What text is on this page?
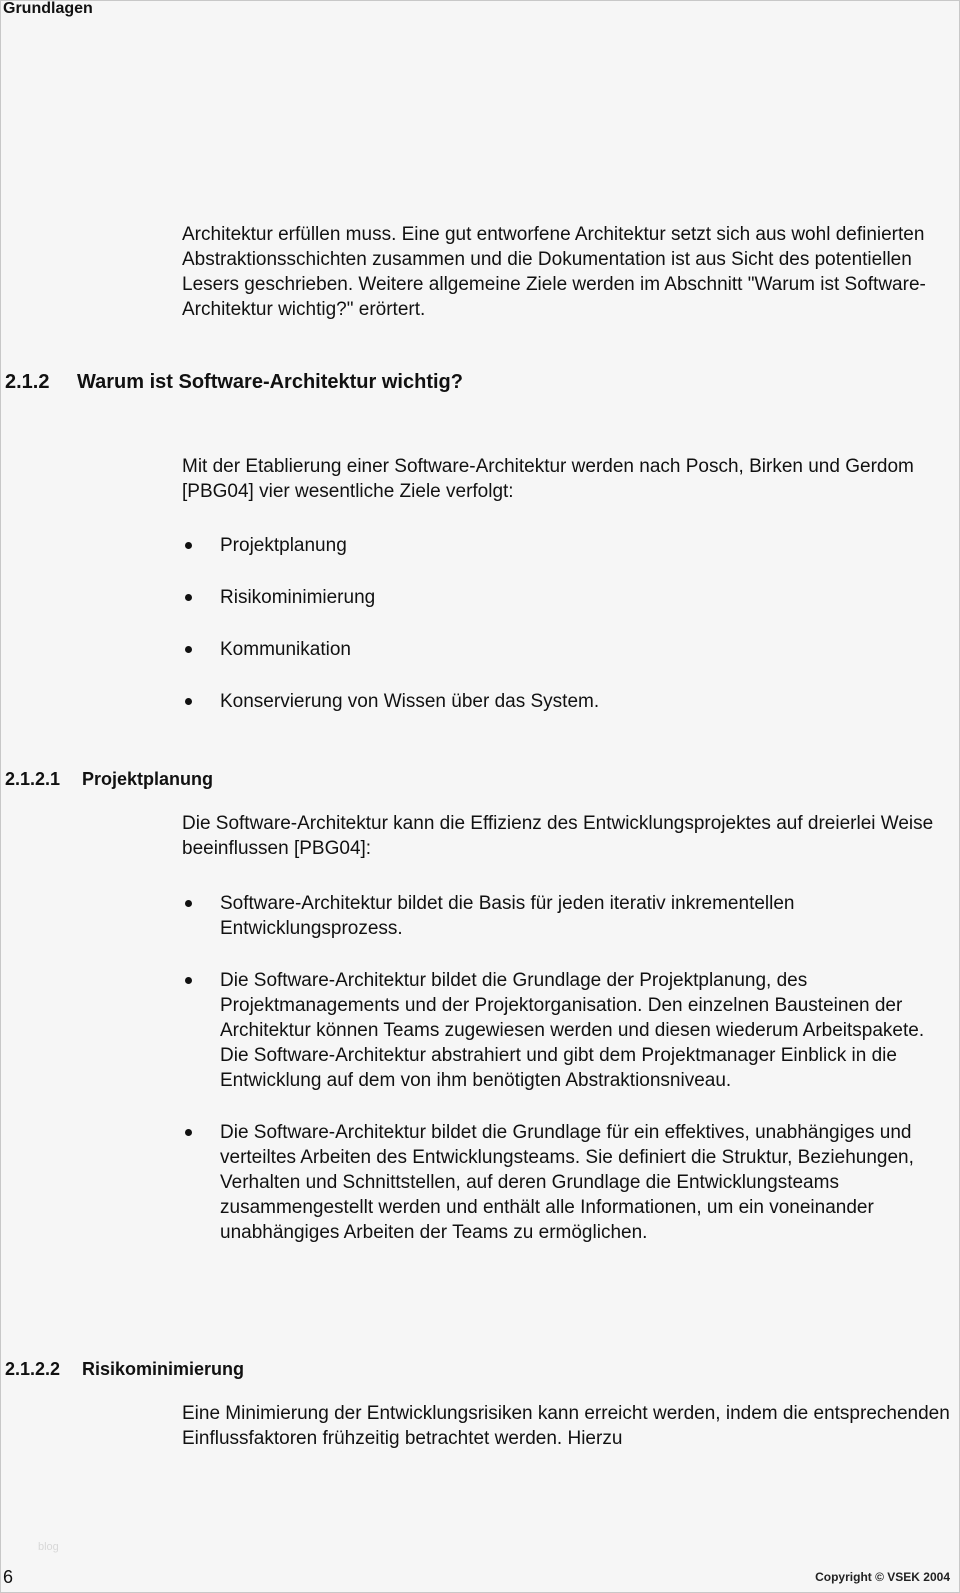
Grundlagen

Architektur erfüllen muss. Eine gut entworfene Architektur setzt sich aus wohl definierten Abstraktionsschichten zusammen und die Dokumentation ist aus Sicht des potentiellen Lesers geschrieben. Weitere allgemeine Ziele werden im Abschnitt "Warum ist Software-Architektur wichtig?" erörtert.

2.1.2 Warum ist Software-Architektur wichtig?

Mit der Etablierung einer Software-Architektur werden nach Posch, Birken und Gerdom [PBG04] vier wesentliche Ziele verfolgt:

Projektplanung
Risikominimierung
Kommunikation
Konservierung von Wissen über das System.
2.1.2.1 Projektplanung

Die Software-Architektur kann die Effizienz des Entwicklungsprojektes auf dreierlei Weise beeinflussen [PBG04]:

Software-Architektur bildet die Basis für jeden iterativ inkrementellen Entwicklungsprozess.
Die Software-Architektur bildet die Grundlage der Projektplanung, des Projektmanagements und der Projektorganisation. Den einzelnen Bausteinen der Architektur können Teams zugewiesen werden und diesen wiederum Arbeitspakete. Die Software-Architektur abstrahiert und gibt dem Projektmanager Einblick in die Entwicklung auf dem von ihm benötigten Abstraktionsniveau.
Die Software-Architektur bildet die Grundlage für ein effektives, unabhängiges und verteiltes Arbeiten des Entwicklungsteams. Sie definiert die Struktur, Beziehungen, Verhalten und Schnittstellen, auf deren Grundlage die Entwicklungsteams zusammengestellt werden und enthält alle Informationen, um ein voneinander unabhängiges Arbeiten der Teams zu ermöglichen.
2.1.2.2 Risikominimierung

Eine Minimierung der Entwicklungsrisiken kann erreicht werden, indem die entsprechenden Einflussfaktoren frühzeitig betrachtet werden. Hierzu

blog
6	Copyright © VSEK 2004
